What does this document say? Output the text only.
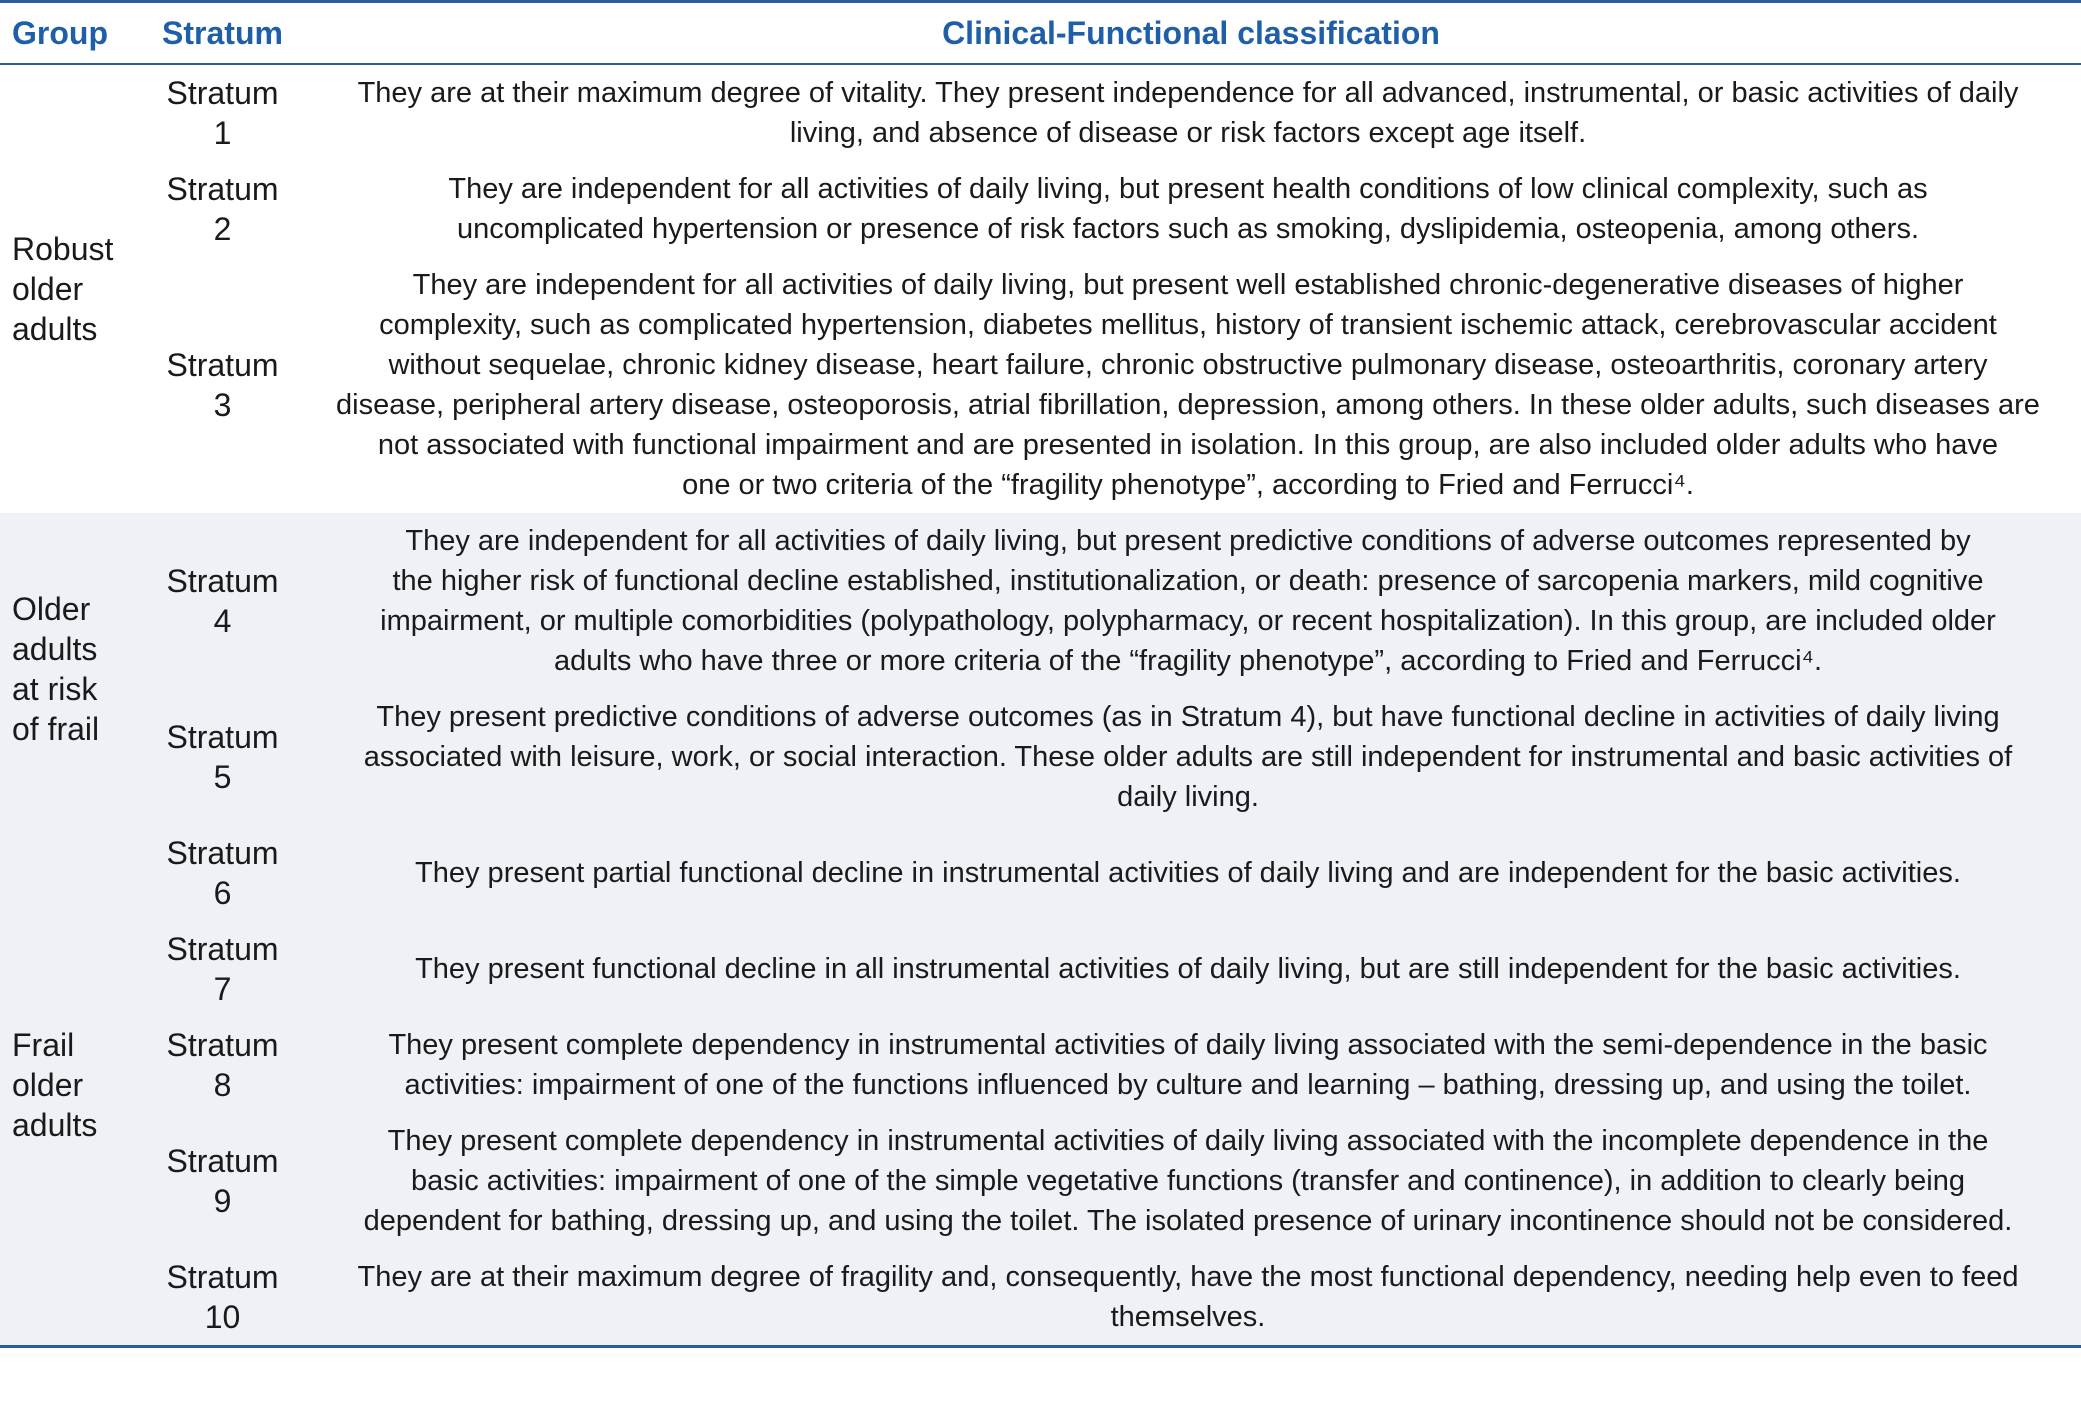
Group	Stratum	Clinical-Functional classification
Robust
older
adults
Stratum
1
They are at their maximum degree of vitality. They present independence for all advanced, instrumental, or basic activities of daily
living, and absence of disease or risk factors except age itself.
Stratum
2
They are independent for all activities of daily living, but present health conditions of low clinical complexity, such as
uncomplicated hypertension or presence of risk factors such as smoking, dyslipidemia, osteopenia, among others.
Stratum
3
They are independent for all activities of daily living, but present well established chronic-degenerative diseases of higher
complexity, such as complicated hypertension, diabetes mellitus, history of transient ischemic attack, cerebrovascular accident
without sequelae, chronic kidney disease, heart failure, chronic obstructive pulmonary disease, osteoarthritis, coronary artery
disease, peripheral artery disease, osteoporosis, atrial fibrillation, depression, among others. In these older adults, such diseases are
not associated with functional impairment and are presented in isolation. In this group, are also included older adults who have
one or two criteria of the “fragility phenotype”, according to Fried and Ferrucci⁴.
Older
adults
at risk
of frail
Stratum
4
They are independent for all activities of daily living, but present predictive conditions of adverse outcomes represented by
the higher risk of functional decline established, institutionalization, or death: presence of sarcopenia markers, mild cognitive
impairment, or multiple comorbidities (polypathology, polypharmacy, or recent hospitalization). In this group, are included older
adults who have three or more criteria of the “fragility phenotype”, according to Fried and Ferrucci⁴.
Stratum
5
They present predictive conditions of adverse outcomes (as in Stratum 4), but have functional decline in activities of daily living
associated with leisure, work, or social interaction. These older adults are still independent for instrumental and basic activities of
daily living.
Frail
older
adults
Stratum
6
They present partial functional decline in instrumental activities of daily living and are independent for the basic activities.
Stratum
7
They present functional decline in all instrumental activities of daily living, but are still independent for the basic activities.
Stratum
8
They present complete dependency in instrumental activities of daily living associated with the semi-dependence in the basic
activities: impairment of one of the functions influenced by culture and learning – bathing, dressing up, and using the toilet.
Stratum
9
They present complete dependency in instrumental activities of daily living associated with the incomplete dependence in the
basic activities: impairment of one of the simple vegetative functions (transfer and continence), in addition to clearly being
dependent for bathing, dressing up, and using the toilet. The isolated presence of urinary incontinence should not be considered.
Stratum
10
They are at their maximum degree of fragility and, consequently, have the most functional dependency, needing help even to feed
themselves.
